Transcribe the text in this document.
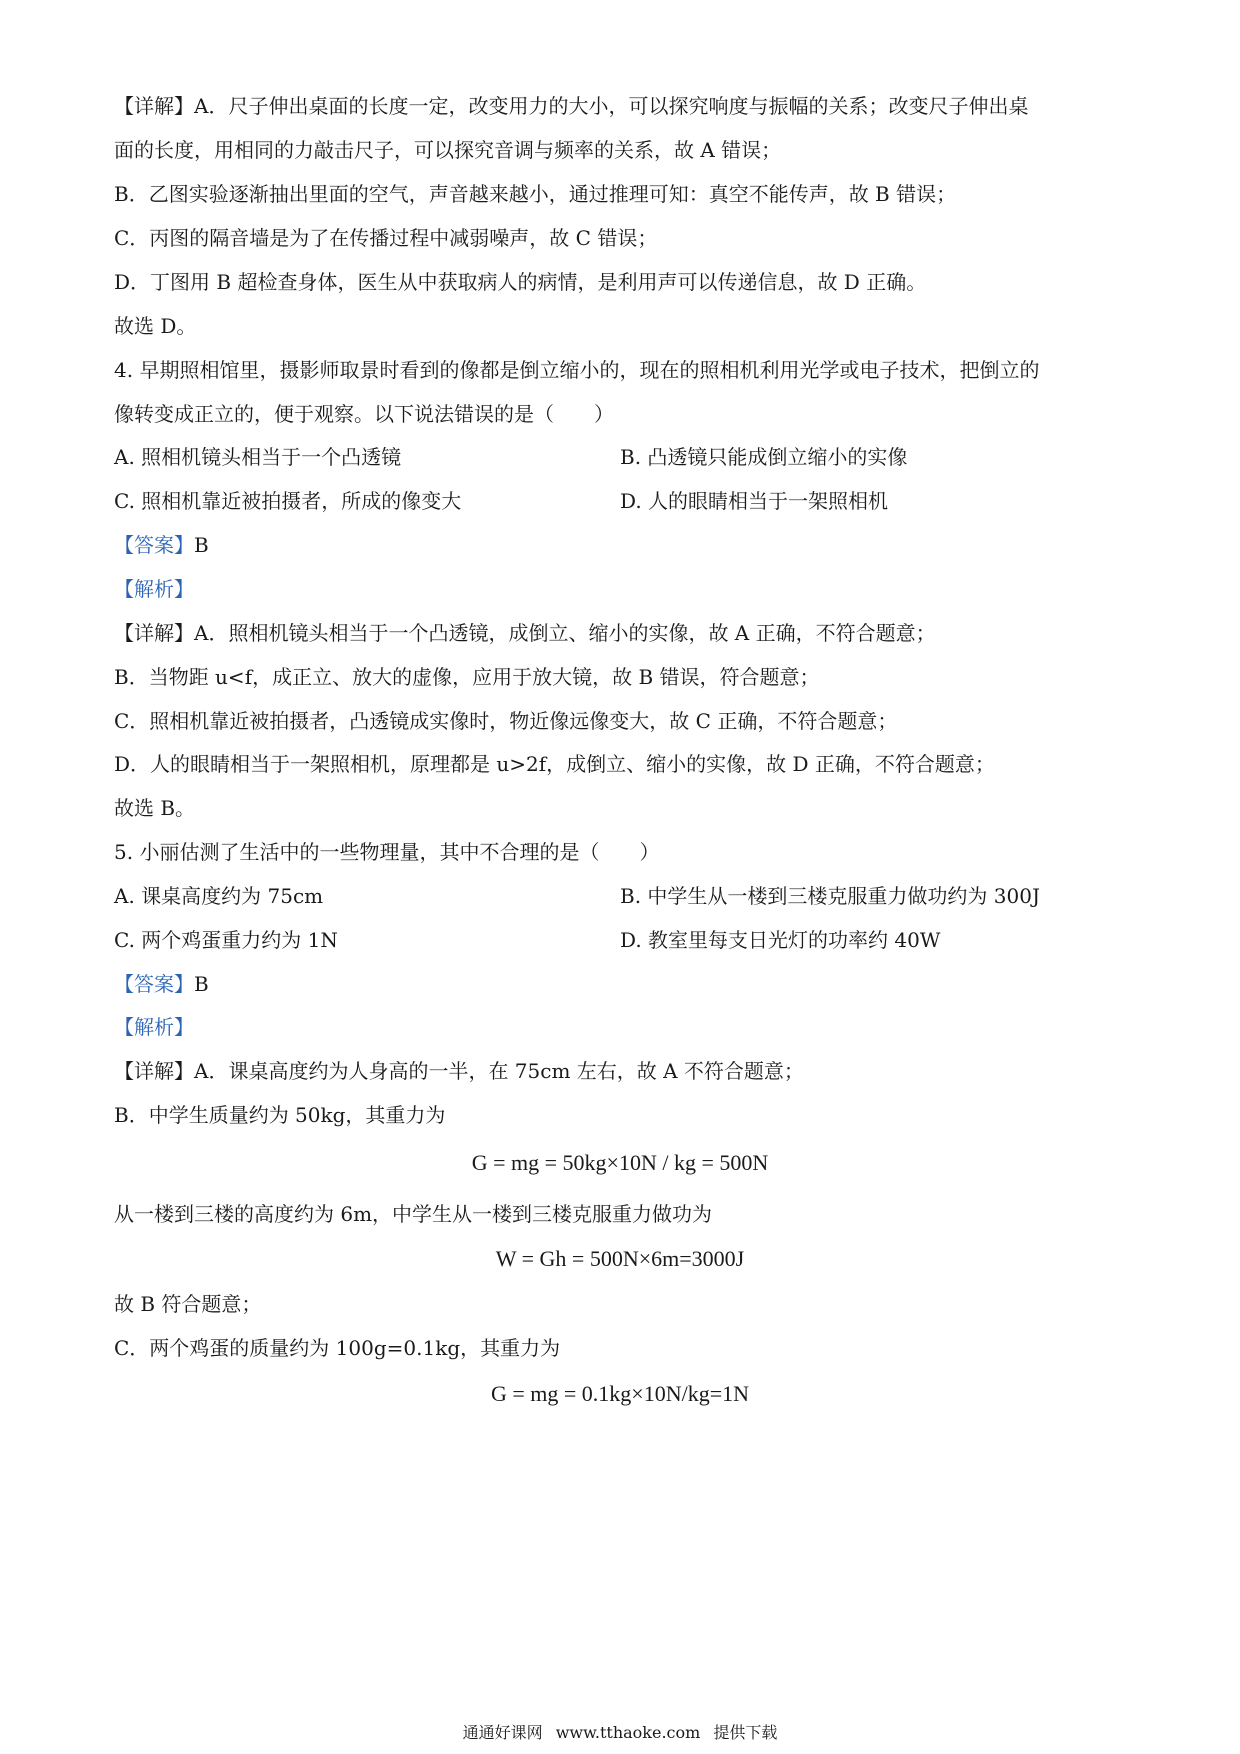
【详解】A．尺子伸出桌面的长度一定，改变用力的大小，可以探究响度与振幅的关系；改变尺子伸出桌
面的长度，用相同的力敲击尺子，可以探究音调与频率的关系，故 A 错误；
B．乙图实验逐渐抽出里面的空气，声音越来越小，通过推理可知：真空不能传声，故 B 错误；
C．丙图的隔音墙是为了在传播过程中减弱噪声，故 C 错误；
D．丁图用 B 超检查身体，医生从中获取病人的病情，是利用声可以传递信息，故 D 正确。
故选 D。
4. 早期照相馆里，摄影师取景时看到的像都是倒立缩小的，现在的照相机利用光学或电子技术，把倒立的
像转变成正立的，便于观察。以下说法错误的是（　　）
A. 照相机镜头相当于一个凸透镜	B. 凸透镜只能成倒立缩小的实像
C. 照相机靠近被拍摄者，所成的像变大	D. 人的眼睛相当于一架照相机
【答案】B
【解析】
【详解】A．照相机镜头相当于一个凸透镜，成倒立、缩小的实像，故 A 正确，不符合题意；
B．当物距 u<f，成正立、放大的虚像，应用于放大镜，故 B 错误，符合题意；
C．照相机靠近被拍摄者，凸透镜成实像时，物近像远像变大，故 C 正确，不符合题意；
D．人的眼睛相当于一架照相机，原理都是 u>2f，成倒立、缩小的实像，故 D 正确，不符合题意；
故选 B。
5. 小丽估测了生活中的一些物理量，其中不合理的是（　　）
A. 课桌高度约为 75cm	B. 中学生从一楼到三楼克服重力做功约为 300J
C. 两个鸡蛋重力约为 1N	D. 教室里每支日光灯的功率约 40W
【答案】B
【解析】
【详解】A．课桌高度约为人身高的一半，在 75cm 左右，故 A 不符合题意；
B．中学生质量约为 50kg，其重力为
G = mg = 50kg×10N / kg = 500N
从一楼到三楼的高度约为 6m，中学生从一楼到三楼克服重力做功为
W = Gh = 500N×6m=3000J
故 B 符合题意；
C．两个鸡蛋的质量约为 100g=0.1kg，其重力为
G = mg = 0.1kg×10N/kg=1N
通通好课网 www.tthaoke.com 提供下载
